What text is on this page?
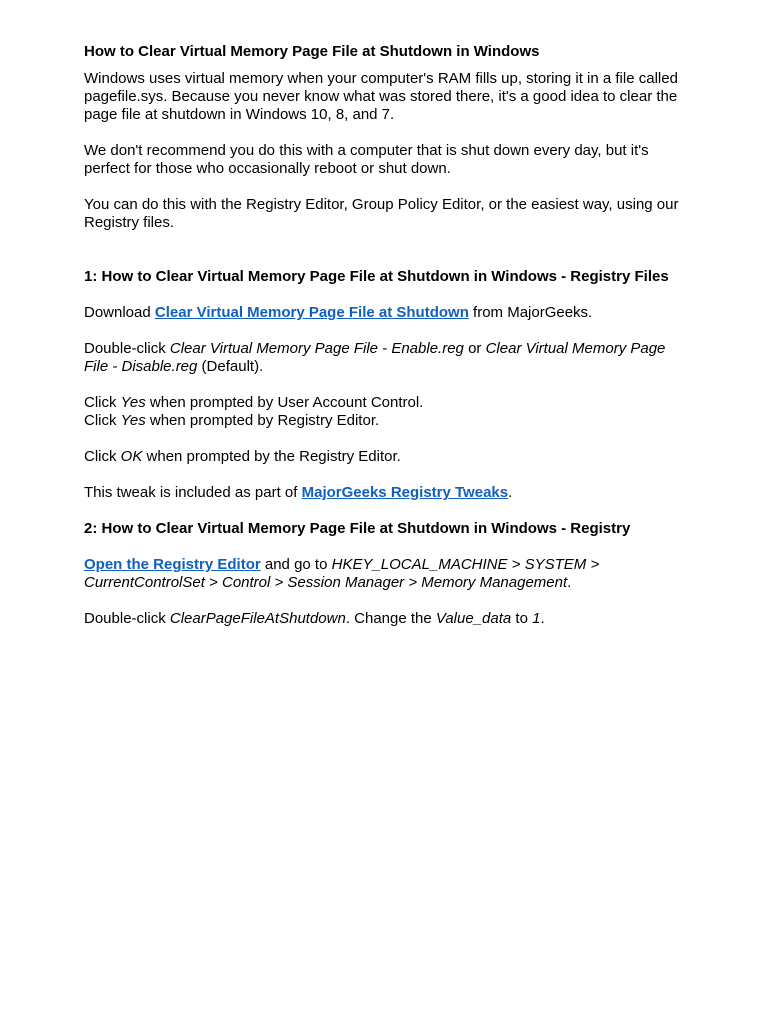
How to Clear Virtual Memory Page File at Shutdown in Windows

Windows uses virtual memory when your computer's RAM fills up, storing it in a file called pagefile.sys. Because you never know what was stored there, it's a good idea to clear the page file at shutdown in Windows 10, 8, and 7.

We don't recommend you do this with a computer that is shut down every day, but it's perfect for those who occasionally reboot or shut down.

You can do this with the Registry Editor, Group Policy Editor, or the easiest way, using our Registry files.

1: How to Clear Virtual Memory Page File at Shutdown in Windows - Registry Files

Download Clear Virtual Memory Page File at Shutdown from MajorGeeks.

Double-click Clear Virtual Memory Page File - Enable.reg or Clear Virtual Memory Page File - Disable.reg (Default).

Click Yes when prompted by User Account Control.

Click Yes when prompted by Registry Editor.

Click OK when prompted by the Registry Editor.

This tweak is included as part of MajorGeeks Registry Tweaks.

2: How to Clear Virtual Memory Page File at Shutdown in Windows - Registry

Open the Registry Editor and go to HKEY_LOCAL_MACHINE > SYSTEM > CurrentControlSet > Control > Session Manager > Memory Management.

Double-click ClearPageFileAtShutdown. Change the Value_data to 1.
